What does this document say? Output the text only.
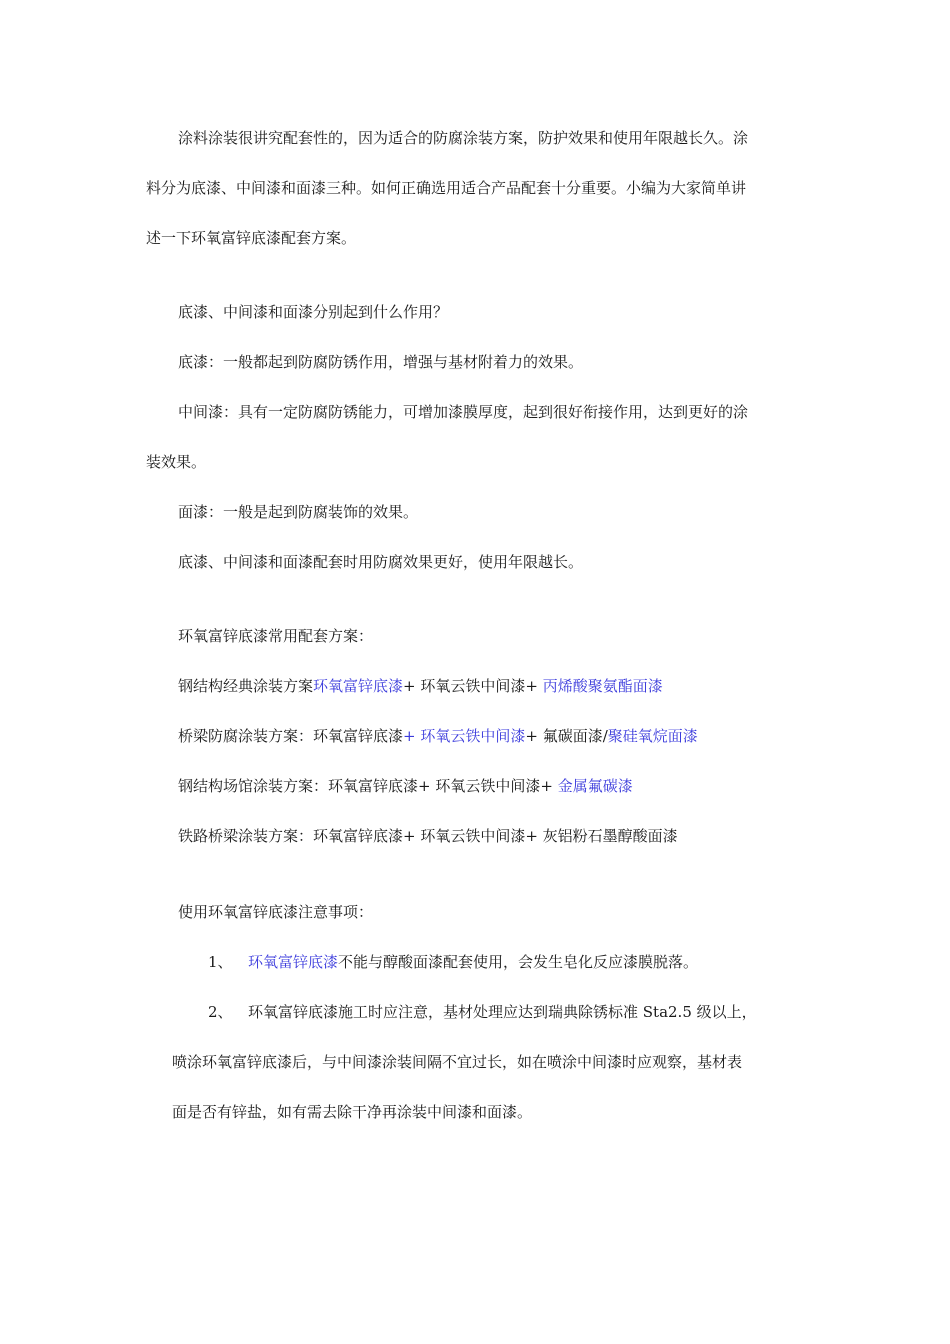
涂料涂装很讲究配套性的，因为适合的防腐涂装方案，防护效果和使用年限越长久。涂
料分为底漆、中间漆和面漆三种。如何正确选用适合产品配套十分重要。小编为大家简单讲
述一下环氧富锌底漆配套方案。
底漆、中间漆和面漆分别起到什么作用？
底漆：一般都起到防腐防锈作用，增强与基材附着力的效果。
中间漆：具有一定防腐防锈能力，可增加漆膜厚度，起到很好衔接作用，达到更好的涂
装效果。
面漆：一般是起到防腐装饰的效果。
底漆、中间漆和面漆配套时用防腐效果更好，使用年限越长。
环氧富锌底漆常用配套方案：
钢结构经典涂装方案环氧富锌底漆+ 环氧云铁中间漆+ 丙烯酸聚氨酯面漆
桥梁防腐涂装方案：环氧富锌底漆+ 环氧云铁中间漆+ 氟碳面漆/聚硅氧烷面漆
钢结构场馆涂装方案：环氧富锌底漆+ 环氧云铁中间漆+ 金属氟碳漆
铁路桥梁涂装方案：环氧富锌底漆+ 环氧云铁中间漆+ 灰铝粉石墨醇酸面漆
使用环氧富锌底漆注意事项：
1、 环氧富锌底漆不能与醇酸面漆配套使用，会发生皂化反应漆膜脱落。
2、 环氧富锌底漆施工时应注意，基材处理应达到瑞典除锈标准 Sta2.5 级以上，
喷涂环氧富锌底漆后，与中间漆涂装间隔不宜过长，如在喷涂中间漆时应观察，基材表
面是否有锌盐，如有需去除干净再涂装中间漆和面漆。
